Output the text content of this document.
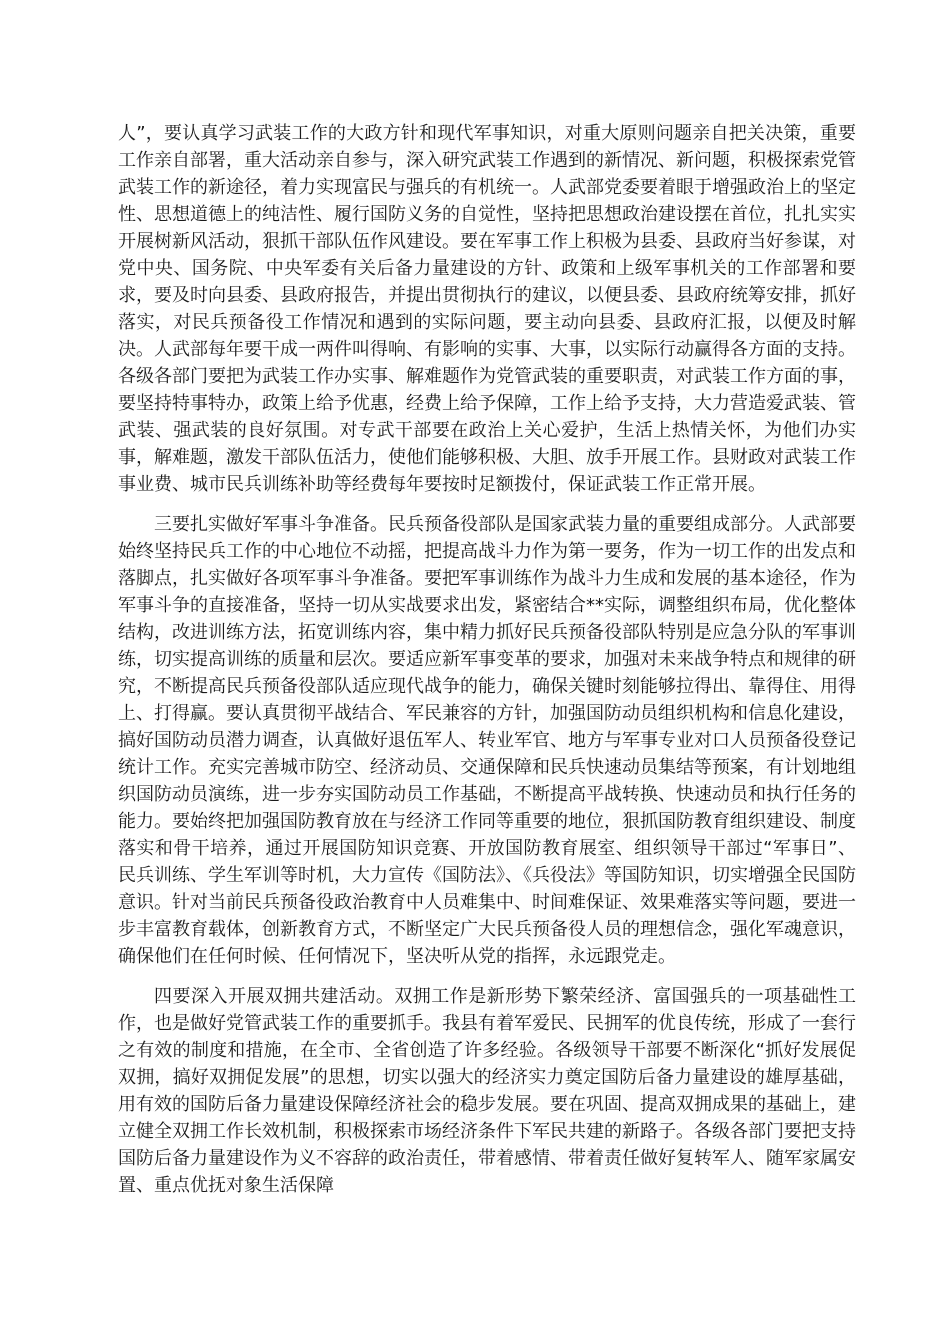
人”，要认真学习武装工作的大政方针和现代军事知识，对重大原则问题亲自把关决策，重要工作亲自部署，重大活动亲自参与，深入研究武装工作遇到的新情况、新问题，积极探索党管武装工作的新途径，着力实现富民与强兵的有机统一。人武部党委要着眼于增强政治上的坚定性、思想道德上的纯洁性、履行国防义务的自觉性，坚持把思想政治建设摆在首位，扎扎实实开展树新风活动，狠抓干部队伍作风建设。要在军事工作上积极为县委、县政府当好参谋，对党中央、国务院、中央军委有关后备力量建设的方针、政策和上级军事机关的工作部署和要求，要及时向县委、县政府报告，并提出贯彻执行的建议，以便县委、县政府统筹安排，抓好落实，对民兵预备役工作情况和遇到的实际问题，要主动向县委、县政府汇报，以便及时解决。人武部每年要干成一两件叫得响、有影响的实事、大事，以实际行动赢得各方面的支持。各级各部门要把为武装工作办实事、解难题作为党管武装的重要职责，对武装工作方面的事，要坚持特事特办，政策上给予优惠，经费上给予保障，工作上给予支持，大力营造爱武装、管武装、强武装的良好氛围。对专武干部要在政治上关心爱护，生活上热情关怀，为他们办实事，解难题，激发干部队伍活力，使他们能够积极、大胆、放手开展工作。县财政对武装工作事业费、城市民兵训练补助等经费每年要按时足额拨付，保证武装工作正常开展。

三要扎实做好军事斗争准备。民兵预备役部队是国家武装力量的重要组成部分。人武部要始终坚持民兵工作的中心地位不动摇，把提高战斗力作为第一要务，作为一切工作的出发点和落脚点，扎实做好各项军事斗争准备。要把军事训练作为战斗力生成和发展的基本途径，作为军事斗争的直接准备，坚持一切从实战要求出发，紧密结合**实际，调整组织布局，优化整体结构，改进训练方法，拓宽训练内容，集中精力抓好民兵预备役部队特别是应急分队的军事训练，切实提高训练的质量和层次。要适应新军事变革的要求，加强对未来战争特点和规律的研究，不断提高民兵预备役部队适应现代战争的能力，确保关键时刻能够拉得出、靠得住、用得上、打得赢。要认真贯彻平战结合、军民兼容的方针，加强国防动员组织机构和信息化建设，搞好国防动员潜力调查，认真做好退伍军人、转业军官、地方与军事专业对口人员预备役登记统计工作。充实完善城市防空、经济动员、交通保障和民兵快速动员集结等预案，有计划地组织国防动员演练，进一步夯实国防动员工作基础，不断提高平战转换、快速动员和执行任务的能力。要始终把加强国防教育放在与经济工作同等重要的地位，狠抓国防教育组织建设、制度落实和骨干培养，通过开展国防知识竞赛、开放国防教育展室、组织领导干部过“军事日”、民兵训练、学生军训等时机，大力宣传《国防法》、《兵役法》等国防知识，切实增强全民国防意识。针对当前民兵预备役政治教育中人员难集中、时间难保证、效果难落实等问题，要进一步丰富教育载体，创新教育方式，不断坚定广大民兵预备役人员的理想信念，强化军魂意识，确保他们在任何时候、任何情况下，坚决听从党的指挥，永远跟党走。

四要深入开展双拥共建活动。双拥工作是新形势下繁荣经济、富国强兵的一项基础性工作，也是做好党管武装工作的重要抓手。我县有着军爱民、民拥军的优良传统，形成了一套行之有效的制度和措施，在全市、全省创造了许多经验。各级领导干部要不断深化“抓好发展促双拥，搞好双拥促发展”的思想，切实以强大的经济实力奠定国防后备力量建设的雄厚基础，用有效的国防后备力量建设保障经济社会的稳步发展。要在巩固、提高双拥成果的基础上，建立健全双拥工作长效机制，积极探索市场经济条件下军民共建的新路子。各级各部门要把支持国防后备力量建设作为义不容辞的政治责任，带着感情、带着责任做好复转军人、随军家属安置、重点优抚对象生活保障
